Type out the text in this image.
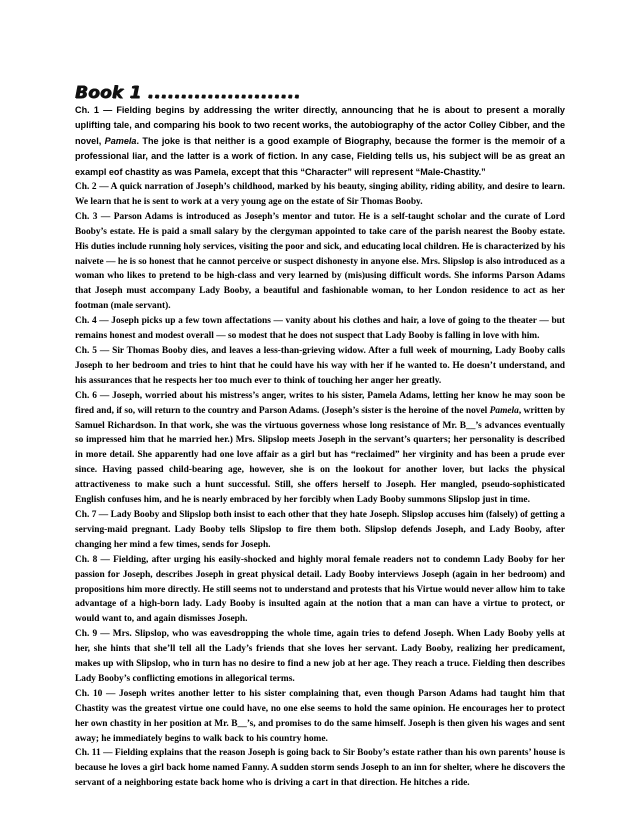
Book 1 .......................

Ch. 1 — Fielding begins by addressing the writer directly, announcing that he is about to present a morally uplifting tale, and comparing his book to two recent works, the autobiography of the actor Colley Cibber, and the novel, Pamela. The joke is that neither is a good example of Biography, because the former is the memoir of a professional liar, and the latter is a work of fiction. In any case, Fielding tells us, his subject will be as great an exampl eof chastity as was Pamela, except that this “Character” will represent “Male-Chastity.”

Ch. 2 — A quick narration of Joseph’s childhood, marked by his beauty, singing ability, riding ability, and desire to learn. We learn that he is sent to work at a very young age on the estate of Sir Thomas Booby.

Ch. 3 — Parson Adams is introduced as Joseph’s mentor and tutor. He is a self-taught scholar and the curate of Lord Booby’s estate. He is paid a small salary by the clergyman appointed to take care of the parish nearest the Booby estate. His duties include running holy services, visiting the poor and sick, and educating local children. He is characterized by his naivete — he is so honest that he cannot perceive or suspect dishonesty in anyone else. Mrs. Slipslop is also introduced as a woman who likes to pretend to be high-class and very learned by (mis)using difficult words. She informs Parson Adams that Joseph must accompany Lady Booby, a beautiful and fashionable woman, to her London residence to act as her footman (male servant).

Ch. 4 — Joseph picks up a few town affectations — vanity about his clothes and hair, a love of going to the theater — but remains honest and modest overall — so modest that he does not suspect that Lady Booby is falling in love with him.

Ch. 5 — Sir Thomas Booby dies, and leaves a less-than-grieving widow. After a full week of mourning, Lady Booby calls Joseph to her bedroom and tries to hint that he could have his way with her if he wanted to. He doesn’t understand, and his assurances that he respects her too much ever to think of touching her anger her greatly.

Ch. 6 — Joseph, worried about his mistress’s anger, writes to his sister, Pamela Adams, letting her know he may soon be fired and, if so, will return to the country and Parson Adams. (Joseph’s sister is the heroine of the novel Pamela, written by Samuel Richardson. In that work, she was the virtuous governess whose long resistance of Mr. B__’s advances eventually so impressed him that he married her.) Mrs. Slipslop meets Joseph in the servant’s quarters; her personality is described in more detail. She apparently had one love affair as a girl but has “reclaimed” her virginity and has been a prude ever since. Having passed child-bearing age, however, she is on the lookout for another lover, but lacks the physical attractiveness to make such a hunt successful. Still, she offers herself to Joseph. Her mangled, pseudo-sophisticated English confuses him, and he is nearly embraced by her forcibly when Lady Booby summons Slipslop just in time.

Ch. 7 — Lady Booby and Slipslop both insist to each other that they hate Joseph. Slipslop accuses him (falsely) of getting a serving-maid pregnant. Lady Booby tells Slipslop to fire them both. Slipslop defends Joseph, and Lady Booby, after changing her mind a few times, sends for Joseph.

Ch. 8 — Fielding, after urging his easily-shocked and highly moral female readers not to condemn Lady Booby for her passion for Joseph, describes Joseph in great physical detail. Lady Booby interviews Joseph (again in her bedroom) and propositions him more directly. He still seems not to understand and protests that his Virtue would never allow him to take advantage of a high-born lady. Lady Booby is insulted again at the notion that a man can have a virtue to protect, or would want to, and again dismisses Joseph.

Ch. 9 — Mrs. Slipslop, who was eavesdropping the whole time, again tries to defend Joseph. When Lady Booby yells at her, she hints that she’ll tell all the Lady’s friends that she loves her servant. Lady Booby, realizing her predicament, makes up with Slipslop, who in turn has no desire to find a new job at her age. They reach a truce. Fielding then describes Lady Booby’s conflicting emotions in allegorical terms.

Ch. 10 — Joseph writes another letter to his sister complaining that, even though Parson Adams had taught him that Chastity was the greatest virtue one could have, no one else seems to hold the same opinion. He encourages her to protect her own chastity in her position at Mr. B__’s, and promises to do the same himself. Joseph is then given his wages and sent away; he immediately begins to walk back to his country home.

Ch. 11 — Fielding explains that the reason Joseph is going back to Sir Booby’s estate rather than his own parents’ house is because he loves a girl back home named Fanny. A sudden storm sends Joseph to an inn for shelter, where he discovers the servant of a neighboring estate back home who is driving a cart in that direction. He hitches a ride.
